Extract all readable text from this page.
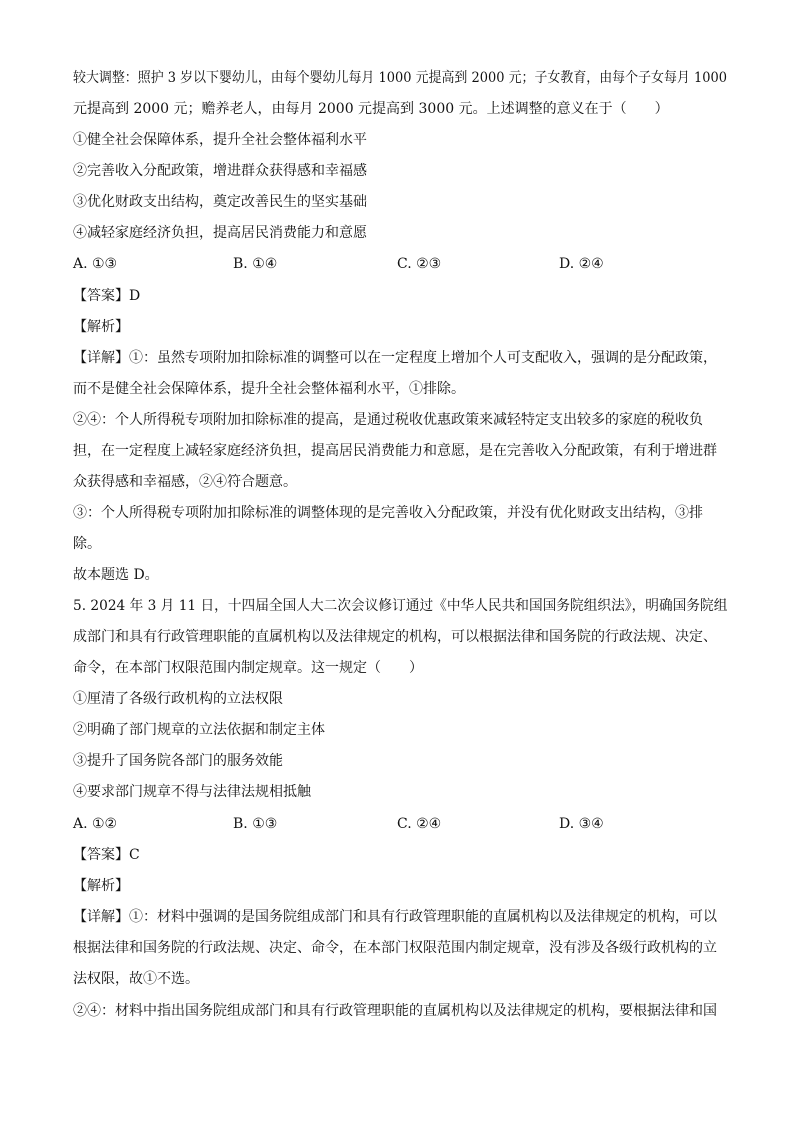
较大调整：照护 3 岁以下婴幼儿，由每个婴幼儿每月 1000 元提高到 2000 元；子女教育，由每个子女每月 1000
元提高到 2000 元；赡养老人，由每月 2000 元提高到 3000 元。上述调整的意义在于（　　）
①健全社会保障体系，提升全社会整体福利水平
②完善收入分配政策，增进群众获得感和幸福感
③优化财政支出结构，奠定改善民生的坚实基础
④减轻家庭经济负担，提高居民消费能力和意愿
A. ①③	B. ①④	C. ②③	D. ②④
【答案】D
【解析】
【详解】①：虽然专项附加扣除标准的调整可以在一定程度上增加个人可支配收入，强调的是分配政策，
而不是健全社会保障体系，提升全社会整体福利水平，①排除。
②④：个人所得税专项附加扣除标准的提高，是通过税收优惠政策来减轻特定支出较多的家庭的税收负
担，在一定程度上减轻家庭经济负担，提高居民消费能力和意愿，是在完善收入分配政策，有利于增进群
众获得感和幸福感，②④符合题意。
③：个人所得税专项附加扣除标准的调整体现的是完善收入分配政策，并没有优化财政支出结构，③排
除。
故本题选 D。
5. 2024 年 3 月 11 日，十四届全国人大二次会议修订通过《中华人民共和国国务院组织法》，明确国务院组
成部门和具有行政管理职能的直属机构以及法律规定的机构，可以根据法律和国务院的行政法规、决定、
命令，在本部门权限范围内制定规章。这一规定（　　）
①厘清了各级行政机构的立法权限
②明确了部门规章的立法依据和制定主体
③提升了国务院各部门的服务效能
④要求部门规章不得与法律法规相抵触
A. ①②	B. ①③	C. ②④	D. ③④
【答案】C
【解析】
【详解】①：材料中强调的是国务院组成部门和具有行政管理职能的直属机构以及法律规定的机构，可以
根据法律和国务院的行政法规、决定、命令，在本部门权限范围内制定规章，没有涉及各级行政机构的立
法权限，故①不选。
②④：材料中指出国务院组成部门和具有行政管理职能的直属机构以及法律规定的机构，要根据法律和国
